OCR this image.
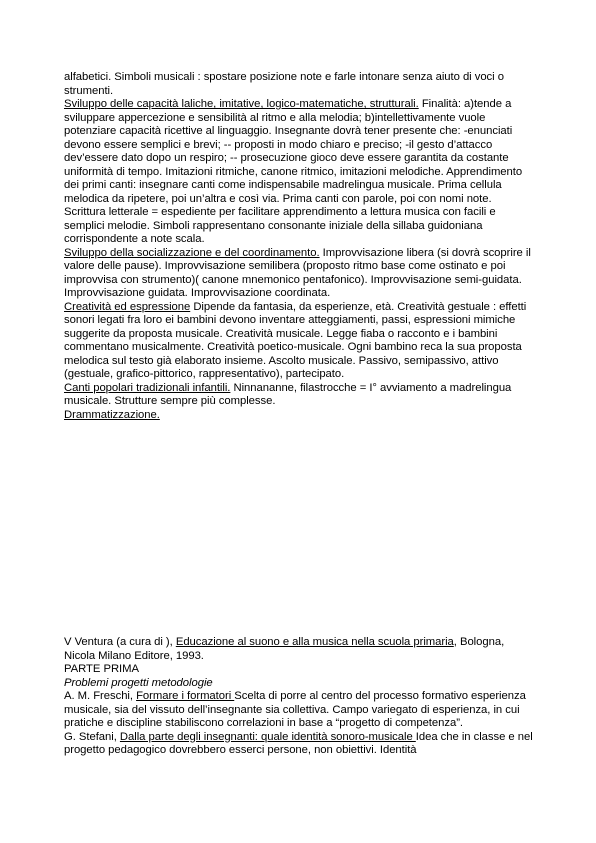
alfabetici. Simboli musicali : spostare posizione note e farle intonare senza aiuto di voci o strumenti.

Sviluppo delle capacità laliche, imitative, logico-matematiche, strutturali. Finalità: a)tende a sviluppare appercezione e sensibilità al ritmo e alla melodia; b)intellettivamente vuole potenziare capacità ricettive al linguaggio. Insegnante dovrà tener presente che: -enunciati devono essere semplici e brevi; -- proposti in modo chiaro e preciso; -il gesto d’attacco dev’essere dato dopo un respiro; -- prosecuzione gioco deve essere garantita da costante uniformità di tempo. Imitazioni ritmiche, canone ritmico, imitazioni melodiche. Apprendimento dei primi canti: insegnare canti come indispensabile madrelingua musicale. Prima cellula melodica da ripetere, poi un’altra e così via. Prima canti con parole, poi con nomi note. Scrittura letterale = espediente per facilitare apprendimento a lettura musica con facili e semplici melodie. Simboli rappresentano consonante iniziale della sillaba guidoniana corrispondente a note scala.

Sviluppo della socializzazione e del coordinamento. Improvvisazione libera (si dovrà scoprire il valore delle pause). Improvvisazione semilibera (proposto ritmo base come ostinato e poi improvvisa con strumento)( canone mnemonico pentafonico). Improvvisazione semi-guidata. Improvvisazione guidata. Improvvisazione coordinata.

Creatività ed espressione Dipende da fantasia, da esperienze, età. Creatività gestuale : effetti sonori legati fra loro ei bambini devono inventare atteggiamenti, passi, espressioni mimiche suggerite da proposta musicale. Creatività musicale. Legge fiaba o racconto e i bambini commentano musicalmente. Creatività poetico-musicale. Ogni bambino reca la sua proposta melodica sul testo già elaborato insieme. Ascolto musicale. Passivo, semipassivo, attivo (gestuale, grafico-pittorico, rappresentativo), partecipato.

Canti popolari tradizionali infantili. Ninnananne, filastrocche = I° avviamento a madrelingua musicale. Strutture sempre più complesse.

Drammatizzazione.

V Ventura (a cura di ), Educazione al suono e alla musica nella scuola primaria, Bologna, Nicola Milano Editore, 1993.

PARTE PRIMA

Problemi progetti metodologie

A. M. Freschi, Formare i formatori Scelta di porre al centro del processo formativo esperienza musicale, sia del vissuto dell’insegnante sia collettiva. Campo variegato di esperienza, in cui pratiche e discipline stabiliscono correlazioni in base a “progetto di competenza”.

G. Stefani, Dalla parte degli insegnanti: quale identità sonoro-musicale Idea che in classe e nel progetto pedagogico dovrebbero esserci persone, non obiettivi. Identità
